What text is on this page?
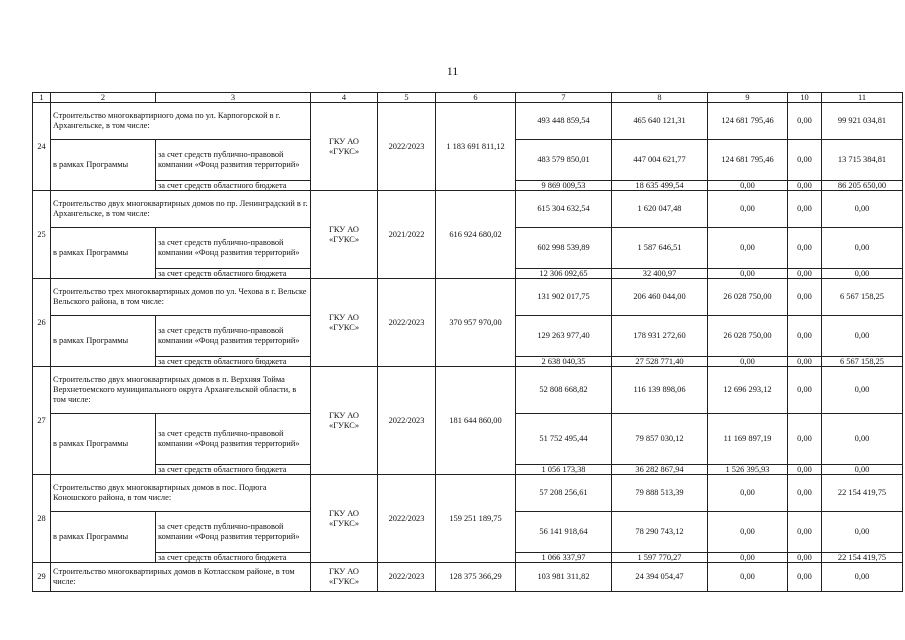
11
1	2	3	4	5	6	7	8	9	10	11
24	Строительство многоквартирного дома по ул. Карпогорской в г. Архангельске, в том числе:		ГКУ АО «ГУКС»	2022/2023	1 183 691 811,12	493 448 859,54	465 640 121,31	124 681 795,46	0,00	99 921 034,81
	в рамках Программы	за счет средств публично-правовой компании «Фонд развития территорий»				483 579 850,01	447 004 621,77	124 681 795,46	0,00	13 715 384,81
		за счет средств областного бюджета				9 869 009,53	18 635 499,54	0,00	0,00	86 205 650,00
25	Строительство двух многоквартирных домов по пр. Ленинградский в г. Архангельске, в том числе:		ГКУ АО «ГУКС»	2021/2022	616 924 680,02	615 304 632,54	1 620 047,48	0,00	0,00	0,00
	в рамках Программы	за счет средств публично-правовой компании «Фонд развития территорий»				602 998 539,89	1 587 646,51	0,00	0,00	0,00
		за счет средств областного бюджета				12 306 092,65	32 400,97	0,00	0,00	0,00
26	Строительство трех многоквартирных домов по ул. Чехова в г. Вельске Вельского района, в том числе:		ГКУ АО «ГУКС»	2022/2023	370 957 970,00	131 902 017,75	206 460 044,00	26 028 750,00	0,00	6 567 158,25
	в рамках Программы	за счет средств публично-правовой компании «Фонд развития территорий»				129 263 977,40	178 931 272,60	26 028 750,00	0,00	0,00
		за счет средств областного бюджета				2 638 040,35	27 528 771,40	0,00	0,00	6 567 158,25
27	Строительство двух многоквартирных домов в п. Верхняя Тойма Верхнетоемского муниципального округа Архангельской области, в том числе:		ГКУ АО «ГУКС»	2022/2023	181 644 860,00	52 808 668,82	116 139 898,06	12 696 293,12	0,00	0,00
	в рамках Программы	за счет средств публично-правовой компании «Фонд развития территорий»				51 752 495,44	79 857 030,12	11 169 897,19	0,00	0,00
		за счет средств областного бюджета				1 056 173,38	36 282 867,94	1 526 395,93	0,00	0,00
28	Строительство двух многоквартирных домов в пос. Подюга Коношского района, в том числе:		ГКУ АО «ГУКС»	2022/2023	159 251 189,75	57 208 256,61	79 888 513,39	0,00	0,00	22 154 419,75
	в рамках Программы	за счет средств публично-правовой компании «Фонд развития территорий»				56 141 918,64	78 290 743,12	0,00	0,00	0,00
		за счет средств областного бюджета				1 066 337,97	1 597 770,27	0,00	0,00	22 154 419,75
29	Строительство многоквартирных домов в Котласском районе, в том числе:		ГКУ АО «ГУКС»	2022/2023	128 375 366,29	103 981 311,82	24 394 054,47	0,00	0,00	0,00
